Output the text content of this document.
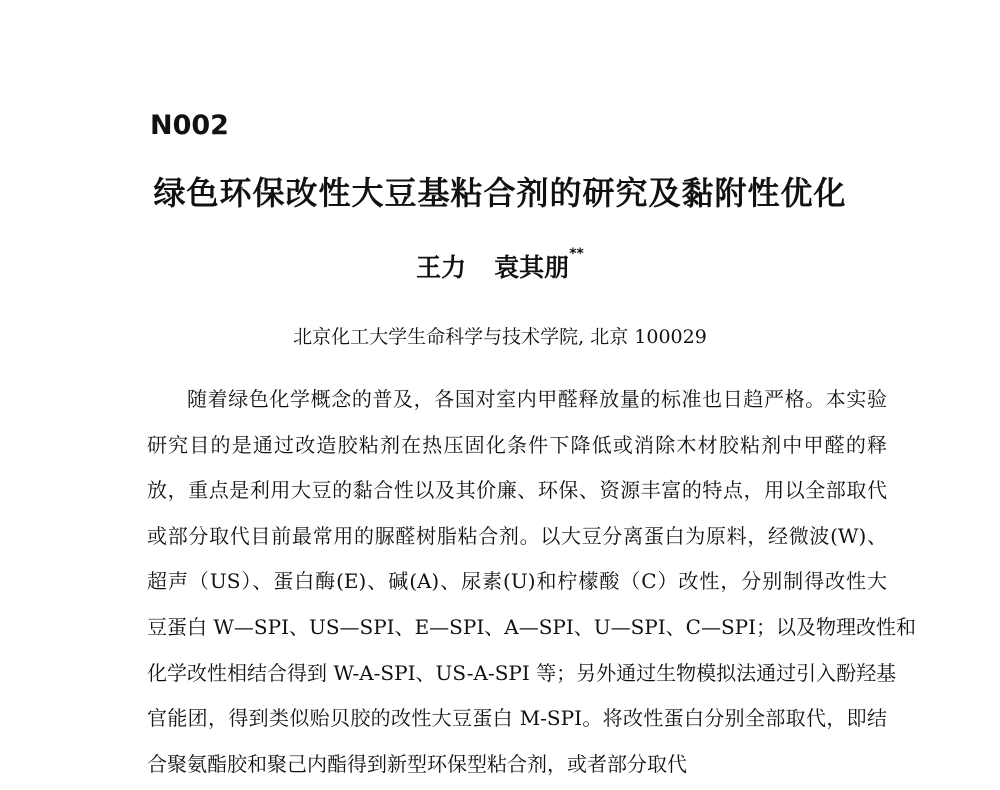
N002
绿色环保改性大豆基粘合剂的研究及黏附性优化
王力 袁其朋**

北京化工大学生命科学与技术学院, 北京 100029

随着绿色化学概念的普及，各国对室内甲醛释放量的标准也日趋严格。本实验
研究目的是通过改造胶粘剂在热压固化条件下降低或消除木材胶粘剂中甲醛的释
放，重点是利用大豆的黏合性以及其价廉、环保、资源丰富的特点，用以全部取代
或部分取代目前最常用的脲醛树脂粘合剂。以大豆分离蛋白为原料，经微波(W)、
超声（US）、蛋白酶(E)、碱(A)、尿素(U)和柠檬酸（C）改性，分别制得改性大
豆蛋白 W—SPI、US—SPI、E—SPI、A—SPI、U—SPI、C—SPI；以及物理改性和
化学改性相结合得到 W-A-SPI、US-A-SPI 等；另外通过生物模拟法通过引入酚羟基
官能团，得到类似贻贝胶的改性大豆蛋白 M-SPI。将改性蛋白分别全部取代，即结
合聚氨酯胶和聚己内酯得到新型环保型粘合剂，或者部分取代
